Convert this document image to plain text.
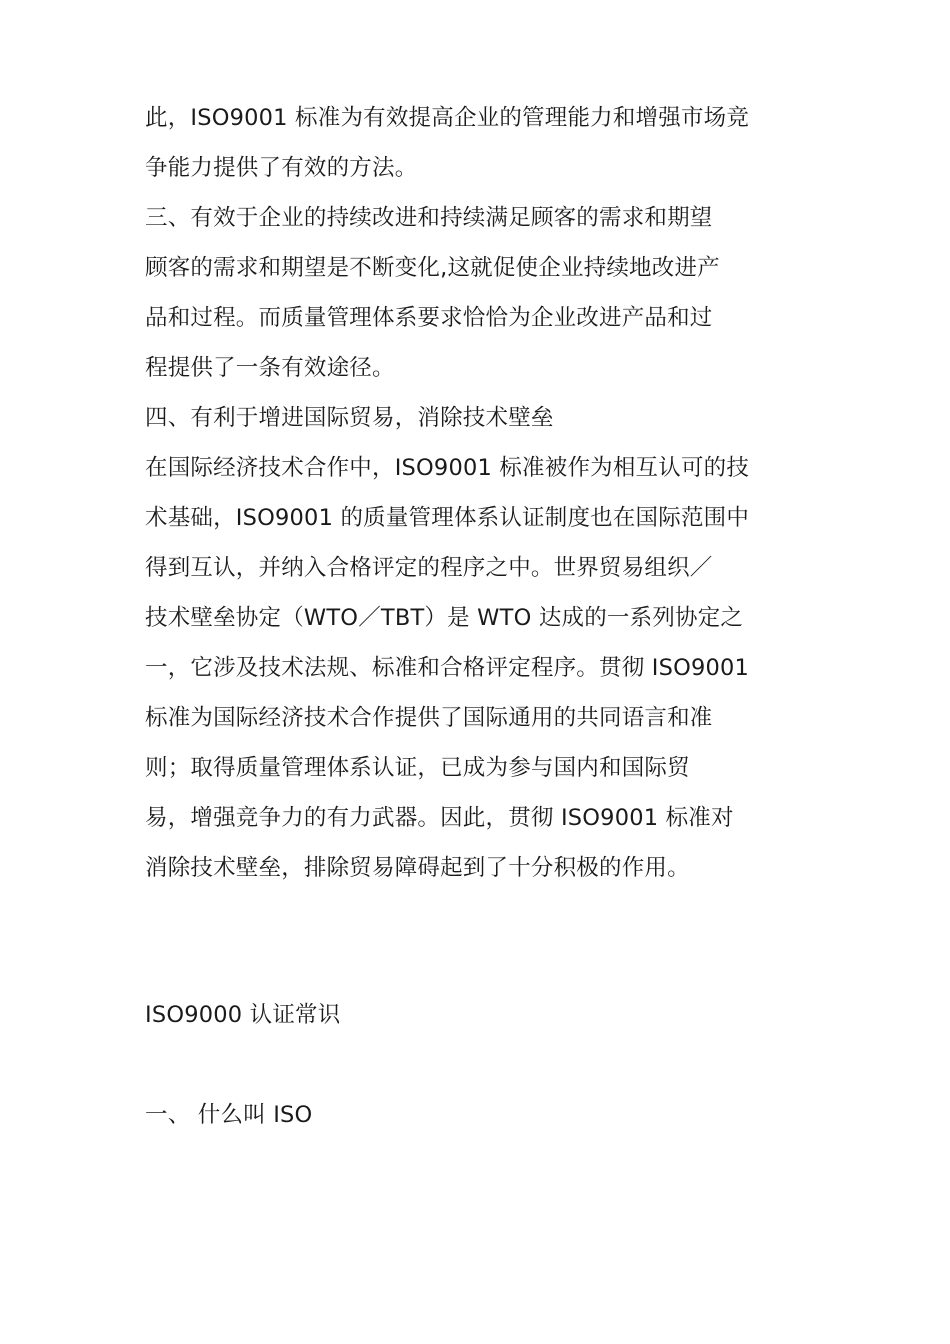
此，ISO9001 标准为有效提高企业的管理能力和增强市场竞
争能力提供了有效的方法。
三、有效于企业的持续改进和持续满足顾客的需求和期望
顾客的需求和期望是不断变化,这就促使企业持续地改进产
品和过程。而质量管理体系要求恰恰为企业改进产品和过
程提供了一条有效途径。
四、有利于增进国际贸易，消除技术壁垒
在国际经济技术合作中，ISO9001 标准被作为相互认可的技
术基础，ISO9001 的质量管理体系认证制度也在国际范围中
得到互认，并纳入合格评定的程序之中。世界贸易组织／
技术壁垒协定（WTO／TBT）是 WTO 达成的一系列协定之
一，它涉及技术法规、标准和合格评定程序。贯彻 ISO9001
标准为国际经济技术合作提供了国际通用的共同语言和准
则；取得质量管理体系认证，已成为参与国内和国际贸
易，增强竞争力的有力武器。因此，贯彻 ISO9001 标准对
消除技术壁垒，排除贸易障碍起到了十分积极的作用。
ISO9000 认证常识
一、 什么叫 ISO
